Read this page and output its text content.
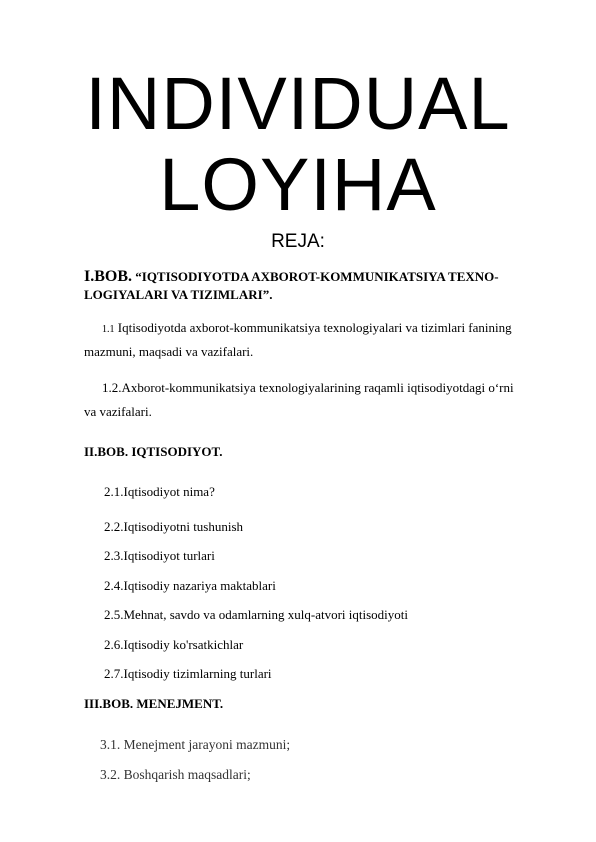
INDIVIDUAL
LOYIHA
REJA:
I.BOB. “IQTISODIYOTDA AXBOROT-KOMMUNIKATSIYA TEXNO-LOGIYALARI VA TIZIMLARI”.
1.1 Iqtisodiyotda axborot-kommunikatsiya texnologiyalari va tizimlari fanining
mazmuni, maqsadi va vazifalari.
1.2.Axborot-kommunikatsiya texnologiyalarining raqamli iqtisodiyotdagi o‘rni
va vazifalari.
II.BOB. IQTISODIYOT.
2.1.Iqtisodiyot nima?
2.2.Iqtisodiyotni tushunish
2.3.Iqtisodiyot turlari
2.4.Iqtisodiy nazariya maktablari
2.5.Mehnat, savdo va odamlarning xulq-atvori iqtisodiyoti
2.6.Iqtisodiy ko'rsatkichlar
2.7.Iqtisodiy tizimlarning turlari
III.BOB. MENEJMENT.
3.1. Menejment jarayoni mazmuni;
3.2. Boshqarish maqsadlari;
